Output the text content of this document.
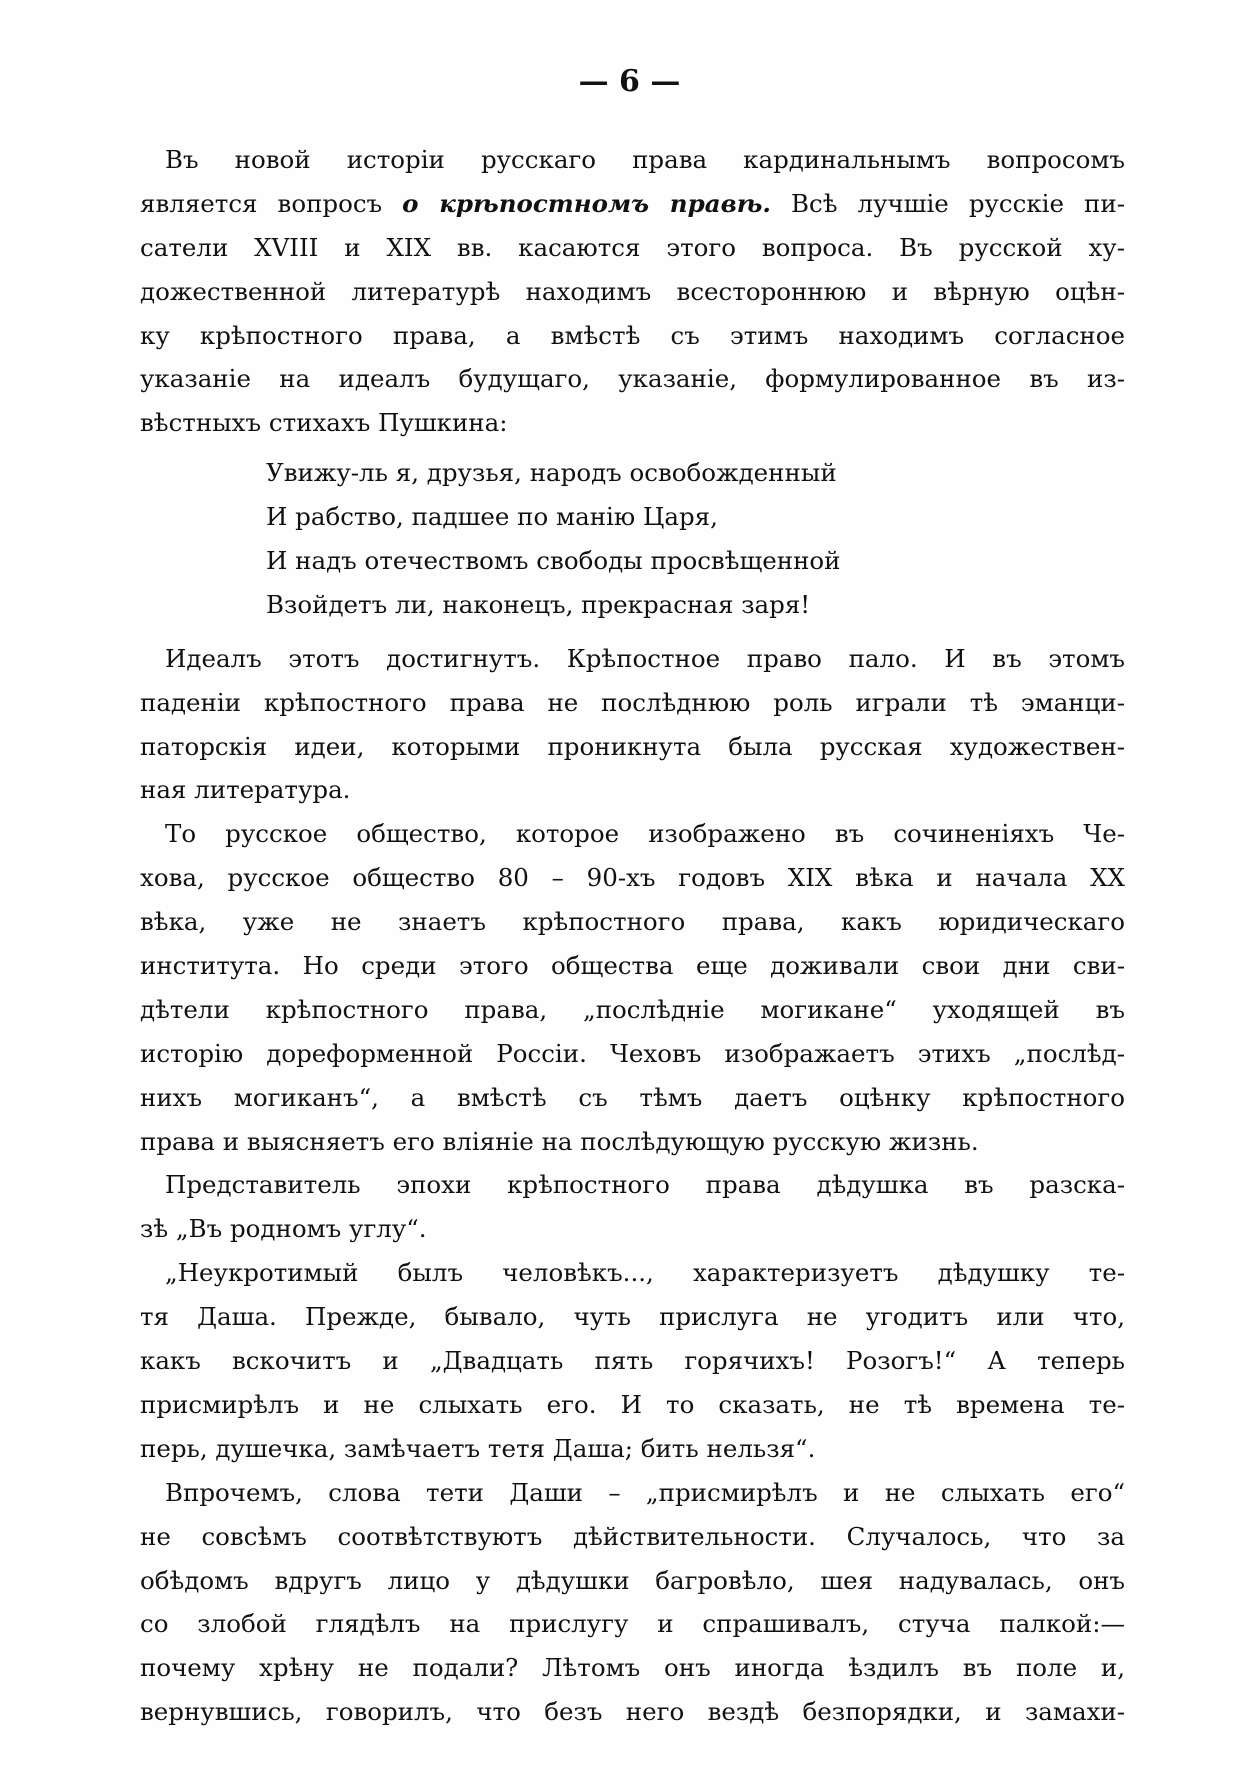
— 6 —
Въ новой исторіи русскаго права кардинальнымъ вопросомъ
является вопросъ о крѣпостномъ правѣ. Всѣ лучшіе русскіе пи-
сатели XVIII и XIX вв. касаются этого вопроса. Въ русской ху-
дожественной литературѣ находимъ всестороннюю и вѣрную оцѣн-
ку крѣпостного права, а вмѣстѣ съ этимъ находимъ согласное
указаніе на идеалъ будущаго, указаніе, формулированное въ из-
вѣстныхъ стихахъ Пушкина:
Увижу-ль я, друзья, народъ освобожденный
И рабство, падшее по манію Царя,
И надъ отечествомъ свободы просвѣщенной
Взойдетъ ли, наконецъ, прекрасная заря!
Идеалъ этотъ достигнутъ. Крѣпостное право пало. И въ этомъ
паденіи крѣпостного права не послѣднюю роль играли тѣ эманци-
паторскія идеи, которыми проникнута была русская художествен-
ная литература.
То русское общество, которое изображено въ сочиненіяхъ Че-
хова, русское общество 80 – 90-хъ годовъ XIX вѣка и начала XX
вѣка, уже не знаетъ крѣпостного права, какъ юридическаго
института. Но среди этого общества еще доживали свои дни сви-
дѣтели крѣпостного права, „послѣдніе могикане“ уходящей въ
исторію дореформенной Россіи. Чеховъ изображаетъ этихъ „послѣд-
нихъ могиканъ“, а вмѣстѣ съ тѣмъ даетъ оцѣнку крѣпостного
права и выясняетъ его вліяніе на послѣдующую русскую жизнь.
Представитель эпохи крѣпостного права дѣдушка въ разска-
зѣ „Въ родномъ углу“.
„Неукротимый былъ человѣкъ..., характеризуетъ дѣдушку те-
тя Даша. Прежде, бывало, чуть прислуга не угодитъ или что,
какъ вскочитъ и „Двадцать пять горячихъ! Розогъ!“ А теперь
присмирѣлъ и не слыхать его. И то сказать, не тѣ времена те-
перь, душечка, замѣчаетъ тетя Даша; бить нельзя“.
Впрочемъ, слова тети Даши – „присмирѣлъ и не слыхать его“
не совсѣмъ соотвѣтствуютъ дѣйствительности. Случалось, что за
обѣдомъ вдругъ лицо у дѣдушки багровѣло, шея надувалась, онъ
со злобой глядѣлъ на прислугу и спрашивалъ, стуча палкой:—
почему хрѣну не подали? Лѣтомъ онъ иногда ѣздилъ въ поле и,
вернувшись, говорилъ, что безъ него вездѣ безпорядки, и замахи-
